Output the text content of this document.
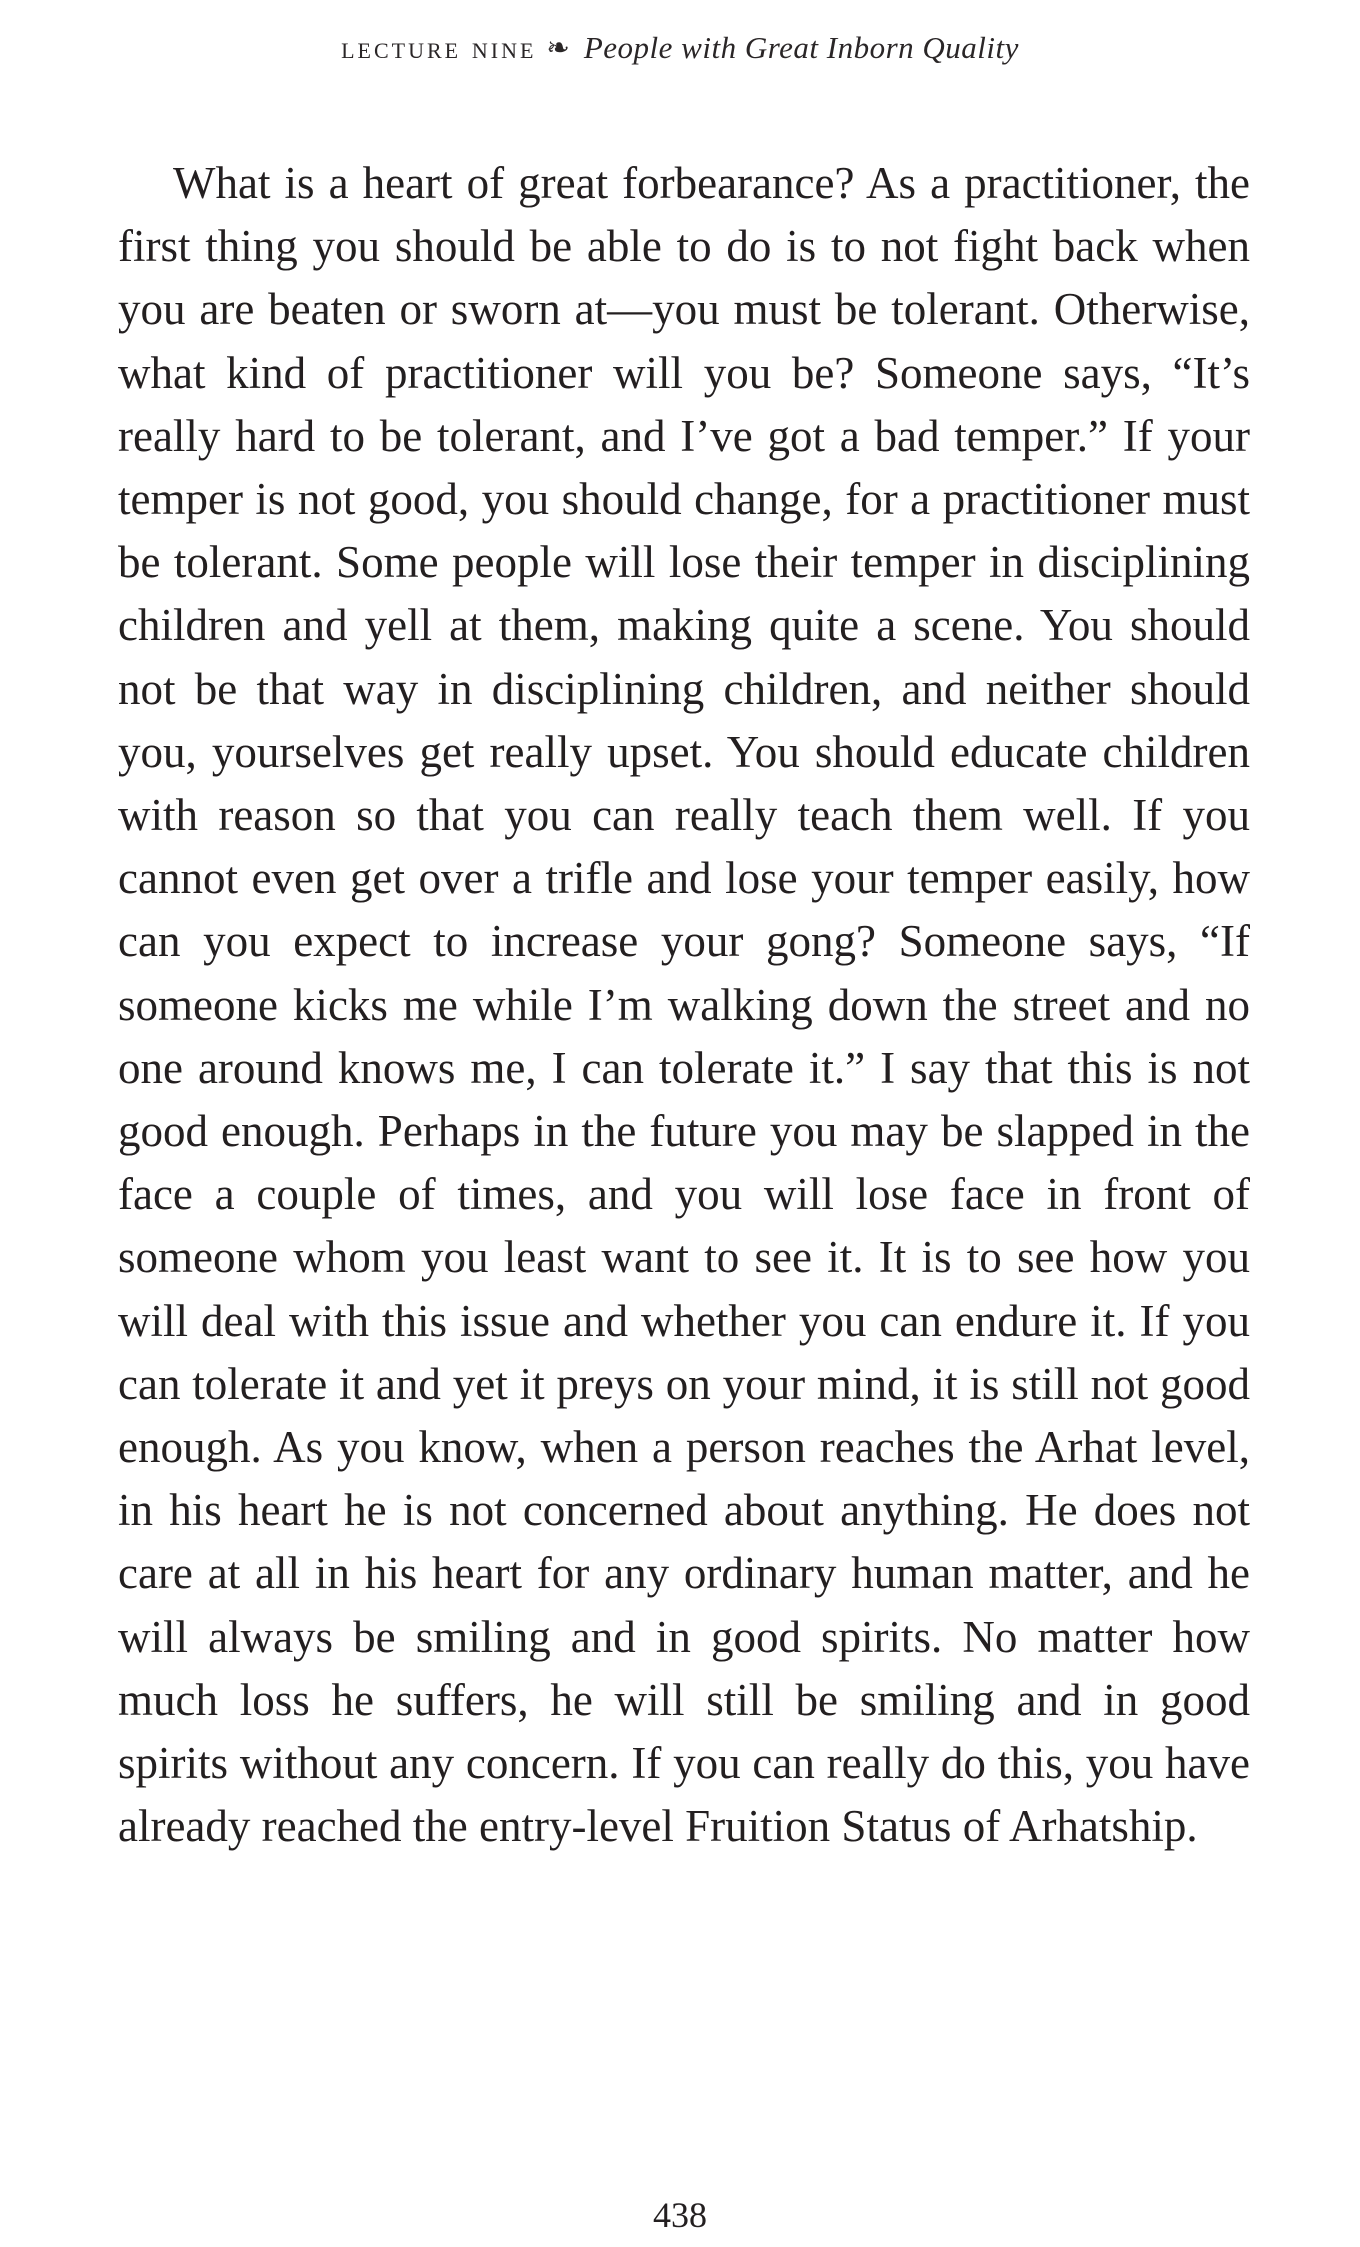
lecture nine ❧ People with Great Inborn Quality

What is a heart of great forbearance? As a practitioner, the first thing you should be able to do is to not fight back when you are beaten or sworn at—you must be tolerant. Otherwise, what kind of practitioner will you be? Someone says, “It’s really hard to be tolerant, and I’ve got a bad temper.” If your temper is not good, you should change, for a practitioner must be tolerant. Some people will lose their temper in disciplining children and yell at them, making quite a scene. You should not be that way in disciplining children, and neither should you, yourselves get really upset. You should educate children with reason so that you can really teach them well. If you cannot even get over a trifle and lose your temper easily, how can you expect to increase your gong? Someone says, “If someone kicks me while I’m walking down the street and no one around knows me, I can tolerate it.” I say that this is not good enough. Perhaps in the future you may be slapped in the face a couple of times, and you will lose face in front of someone whom you least want to see it. It is to see how you will deal with this issue and whether you can endure it. If you can tolerate it and yet it preys on your mind, it is still not good enough. As you know, when a person reaches the Arhat level, in his heart he is not concerned about anything. He does not care at all in his heart for any ordinary human matter, and he will always be smiling and in good spirits. No matter how much loss he suffers, he will still be smiling and in good spirits without any concern. If you can really do this, you have already reached the entry-level Fruition Status of Arhatship.

438
